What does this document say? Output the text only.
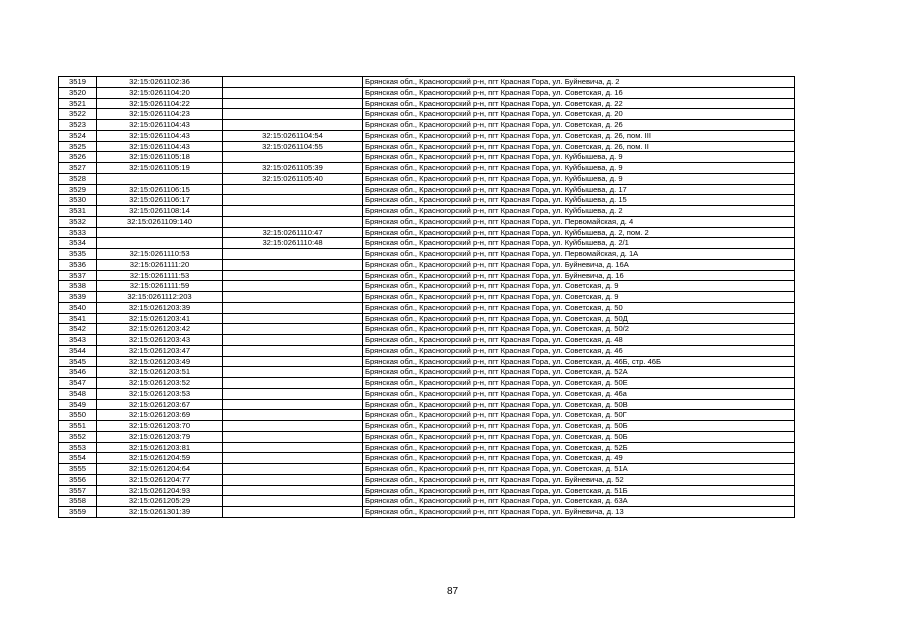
3519	32:15:0261102:36		Брянская обл., Красногорский р-н, пгт Красная Гора, ул. Буйневича, д. 2
3520	32:15:0261104:20		Брянская обл., Красногорский р-н, пгт Красная Гора, ул. Советская, д. 16
3521	32:15:0261104:22		Брянская обл., Красногорский р-н, пгт Красная Гора, ул. Советская, д. 22
3522	32:15:0261104:23		Брянская обл., Красногорский р-н, пгт Красная Гора, ул. Советская, д. 20
3523	32:15:0261104:43		Брянская обл., Красногорский р-н, пгт Красная Гора, ул. Советская, д. 26
3524	32:15:0261104:43	32:15:0261104:54	Брянская обл., Красногорский р-н, пгт Красная Гора, ул. Советская, д. 26, пом. III
3525	32:15:0261104:43	32:15:0261104:55	Брянская обл., Красногорский р-н, пгт Красная Гора, ул. Советская, д. 26, пом. II
3526	32:15:0261105:18		Брянская обл., Красногорский р-н, пгт Красная Гора, ул. Куйбышева, д. 9
3527	32:15:0261105:19	32:15:0261105:39	Брянская обл., Красногорский р-н, пгт Красная Гора, ул. Куйбышева, д. 9
3528		32:15:0261105:40	Брянская обл., Красногорский р-н, пгт Красная Гора, ул. Куйбышева, д. 9
3529	32:15:0261106:15		Брянская обл., Красногорский р-н, пгт Красная Гора, ул. Куйбышева, д. 17
3530	32:15:0261106:17		Брянская обл., Красногорский р-н, пгт Красная Гора, ул. Куйбышева, д. 15
3531	32:15:0261108:14		Брянская обл., Красногорский р-н, пгт Красная Гора, ул. Куйбышева, д. 2
3532	32:15:0261109:140		Брянская обл., Красногорский р-н, пгт Красная Гора, ул. Первомайская, д. 4
3533		32:15:0261110:47	Брянская обл., Красногорский р-н, пгт Красная Гора, ул. Куйбышева, д. 2, пом. 2
3534		32:15:0261110:48	Брянская обл., Красногорский р-н, пгт Красная Гора, ул. Куйбышева, д. 2/1
3535	32:15:0261110:53		Брянская обл., Красногорский р-н, пгт Красная Гора, ул. Первомайская, д. 1А
3536	32:15:0261111:20		Брянская обл., Красногорский р-н, пгт Красная Гора, ул. Буйневича, д. 16А
3537	32:15:0261111:53		Брянская обл., Красногорский р-н, пгт Красная Гора, ул. Буйневича, д. 16
3538	32:15:0261111:59		Брянская обл., Красногорский р-н, пгт Красная Гора, ул. Советская, д. 9
3539	32:15:0261112:203		Брянская обл., Красногорский р-н, пгт Красная Гора, ул. Советская, д. 9
3540	32:15:0261203:39		Брянская обл., Красногорский р-н, пгт Красная Гора, ул. Советская, д. 50
3541	32:15:0261203:41		Брянская обл., Красногорский р-н, пгт Красная Гора, ул. Советская, д. 50Д
3542	32:15:0261203:42		Брянская обл., Красногорский р-н, пгт Красная Гора, ул. Советская, д. 50/2
3543	32:15:0261203:43		Брянская обл., Красногорский р-н, пгт Красная Гора, ул. Советская, д. 48
3544	32:15:0261203:47		Брянская обл., Красногорский р-н, пгт Красная Гора, ул. Советская, д. 46
3545	32:15:0261203:49		Брянская обл., Красногорский р-н, пгт Красная Гора, ул. Советская, д. 46Б, стр. 46Б
3546	32:15:0261203:51		Брянская обл., Красногорский р-н, пгт Красная Гора, ул. Советская, д. 52А
3547	32:15:0261203:52		Брянская обл., Красногорский р-н, пгт Красная Гора, ул. Советская, д. 50Е
3548	32:15:0261203:53		Брянская обл., Красногорский р-н, пгт Красная Гора, ул. Советская, д. 46а
3549	32:15:0261203:67		Брянская обл., Красногорский р-н, пгт Красная Гора, ул. Советская, д. 50В
3550	32:15:0261203:69		Брянская обл., Красногорский р-н, пгт Красная Гора, ул. Советская, д. 50Г
3551	32:15:0261203:70		Брянская обл., Красногорский р-н, пгт Красная Гора, ул. Советская, д. 50Б
3552	32:15:0261203:79		Брянская обл., Красногорский р-н, пгт Красная Гора, ул. Советская, д. 50Б
3553	32:15:0261203:81		Брянская обл., Красногорский р-н, пгт Красная Гора, ул. Советская, д. 52Б
3554	32:15:0261204:59		Брянская обл., Красногорский р-н, пгт Красная Гора, ул. Советская, д. 49
3555	32:15:0261204:64		Брянская обл., Красногорский р-н, пгт Красная Гора, ул. Советская, д. 51А
3556	32:15:0261204:77		Брянская обл., Красногорский р-н, пгт Красная Гора, ул. Буйневича, д. 52
3557	32:15:0261204:93		Брянская обл., Красногорский р-н, пгт Красная Гора, ул. Советская, д. 51Б
3558	32:15:0261205:29		Брянская обл., Красногорский р-н, пгт Красная Гора, ул. Советская, д. 63А
3559	32:15:0261301:39		Брянская обл., Красногорский р-н, пгт Красная Гора, ул. Буйневича, д. 13
87
